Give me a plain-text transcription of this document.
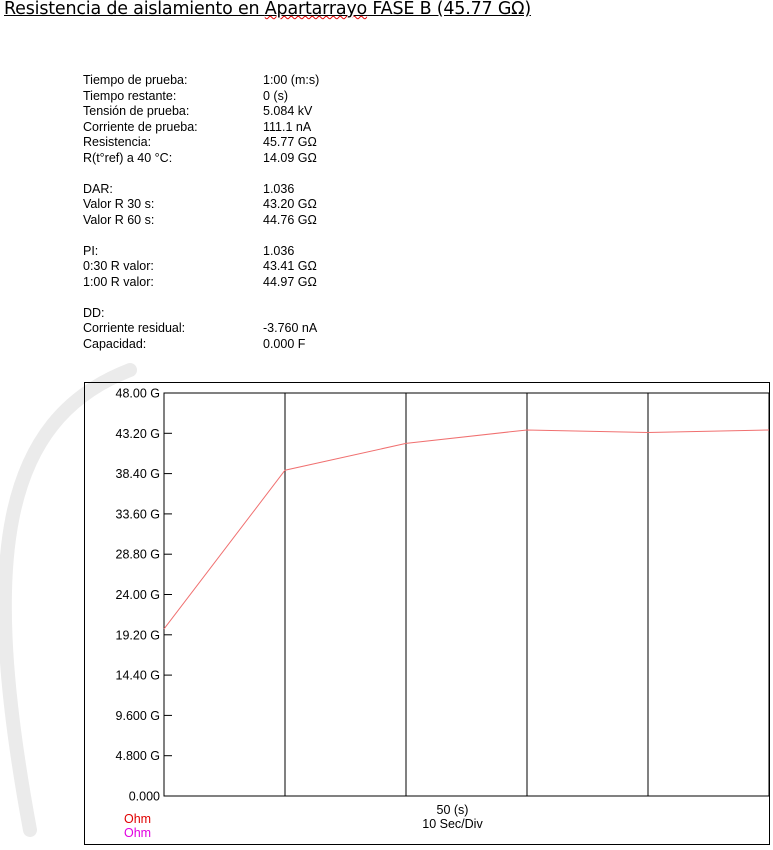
Resistencia de aislamiento en Apartarrayo FASE B (45.77 GΩ)
Tiempo de prueba:	1:00 (m:s)
Tiempo restante:	0 (s)
Tensión de prueba:	5.084 kV
Corriente de prueba:	111.1 nA
Resistencia:	45.77 GΩ
R(t°ref) a 40 °C:	14.09 GΩ
DAR:	1.036
Valor R 30 s:	43.20 GΩ
Valor R 60 s:	44.76 GΩ
PI:	1.036
0:30 R valor:	43.41 GΩ
1:00 R valor:	44.97 GΩ
DD:
Corriente residual:	-3.760 nA
Capacidad:	0.000 F
0.000
4.800 G
9.600 G
14.40 G
19.20 G
24.00 G
28.80 G
33.60 G
38.40 G
43.20 G
48.00 G
50 (s)
10 Sec/Div
Ohm
Ohm
